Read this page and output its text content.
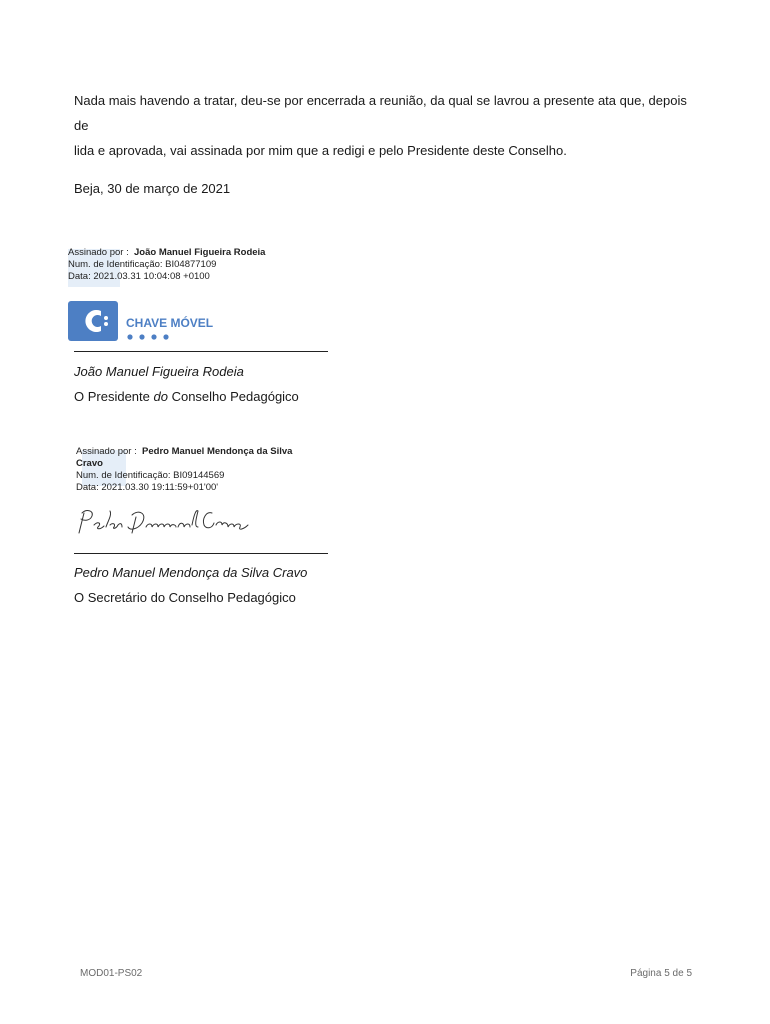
Nada mais havendo a tratar, deu-se por encerrada a reunião, da qual se lavrou a presente ata que, depois de
lida e aprovada, vai assinada por mim que a redigi e pelo Presidente deste Conselho.
Beja, 30 de março de 2021
Assinado por : João Manuel Figueira Rodeia
Num. de Identificação: BI04877109
Data: 2021.03.31 10:04:08 +0100
CHAVE MÓVEL
João Manuel Figueira Rodeia
O Presidente do Conselho Pedagógico
Assinado por : Pedro Manuel Mendonça da Silva
Cravo
Num. de Identificação: BI09144569
Data: 2021.03.30 19:11:59+01'00'
Pedro Manuel Mendonça da Silva Cravo
O Secretário do Conselho Pedagógico
MOD01-PS02	Página 5 de 5
